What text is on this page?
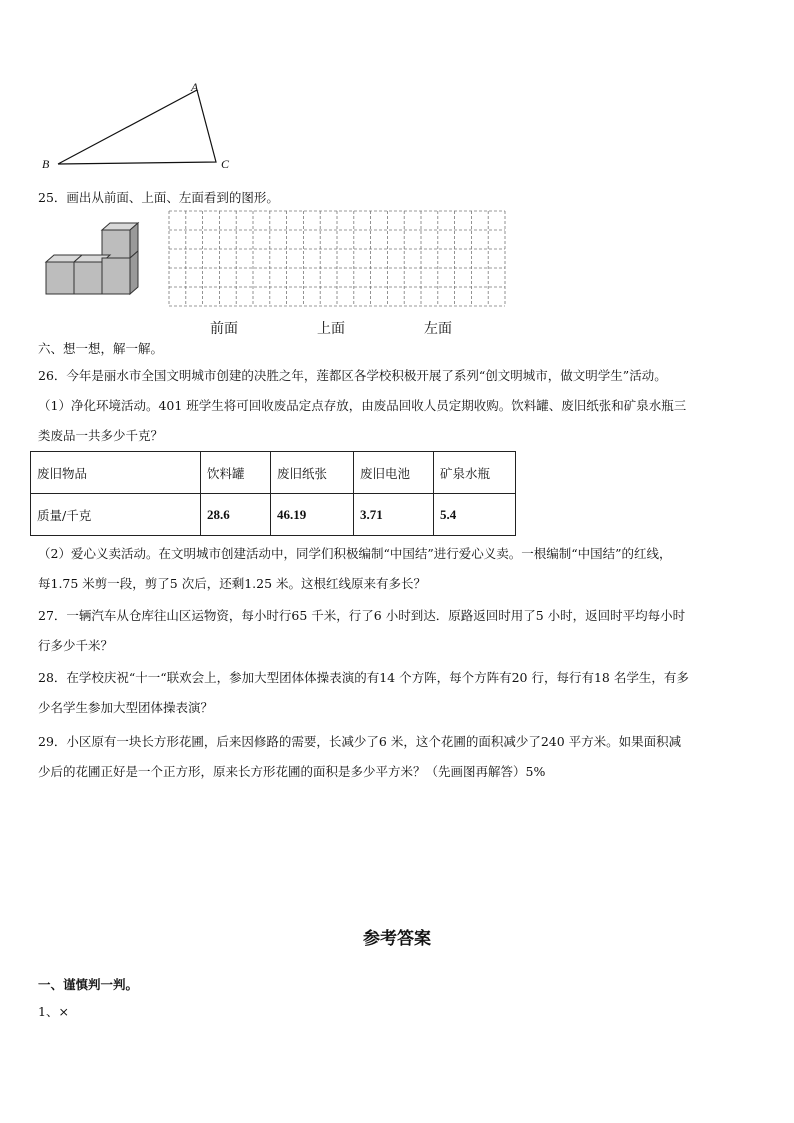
A
B	C
25．画出从前面、上面、左面看到的图形。
前面	上面	左面
六、想一想，解一解。
26．今年是丽水市全国文明城市创建的决胜之年，莲都区各学校积极开展了系列“创文明城市，做文明学生”活动。
（1）净化环境活动。401 班学生将可回收废品定点存放，由废品回收人员定期收购。饮料罐、废旧纸张和矿泉水瓶三
类废品一共多少千克？
废旧物品	饮料罐	废旧纸张	废旧电池	矿泉水瓶
质量/千克	28.6	46.19	3.71	5.4
（2）爱心义卖活动。在文明城市创建活动中，同学们积极编制“中国结”进行爱心义卖。一根编制“中国结”的红线，
每1.75 米剪一段，剪了5 次后，还剩1.25 米。这根红线原来有多长？
27．一辆汽车从仓库往山区运物资，每小时行65 千米，行了6 小时到达．原路返回时用了5 小时，返回时平均每小时
行多少千米？
28．在学校庆祝“十一“联欢会上，参加大型团体体操表演的有14 个方阵，每个方阵有20 行，每行有18 名学生，有多
少名学生参加大型团体操表演？
29．小区原有一块长方形花圃，后来因修路的需要，长减少了6 米，这个花圃的面积减少了240 平方米。如果面积减
少后的花圃正好是一个正方形，原来长方形花圃的面积是多少平方米？（先画图再解答）5%
参考答案
一、谨慎判一判。
1、×
